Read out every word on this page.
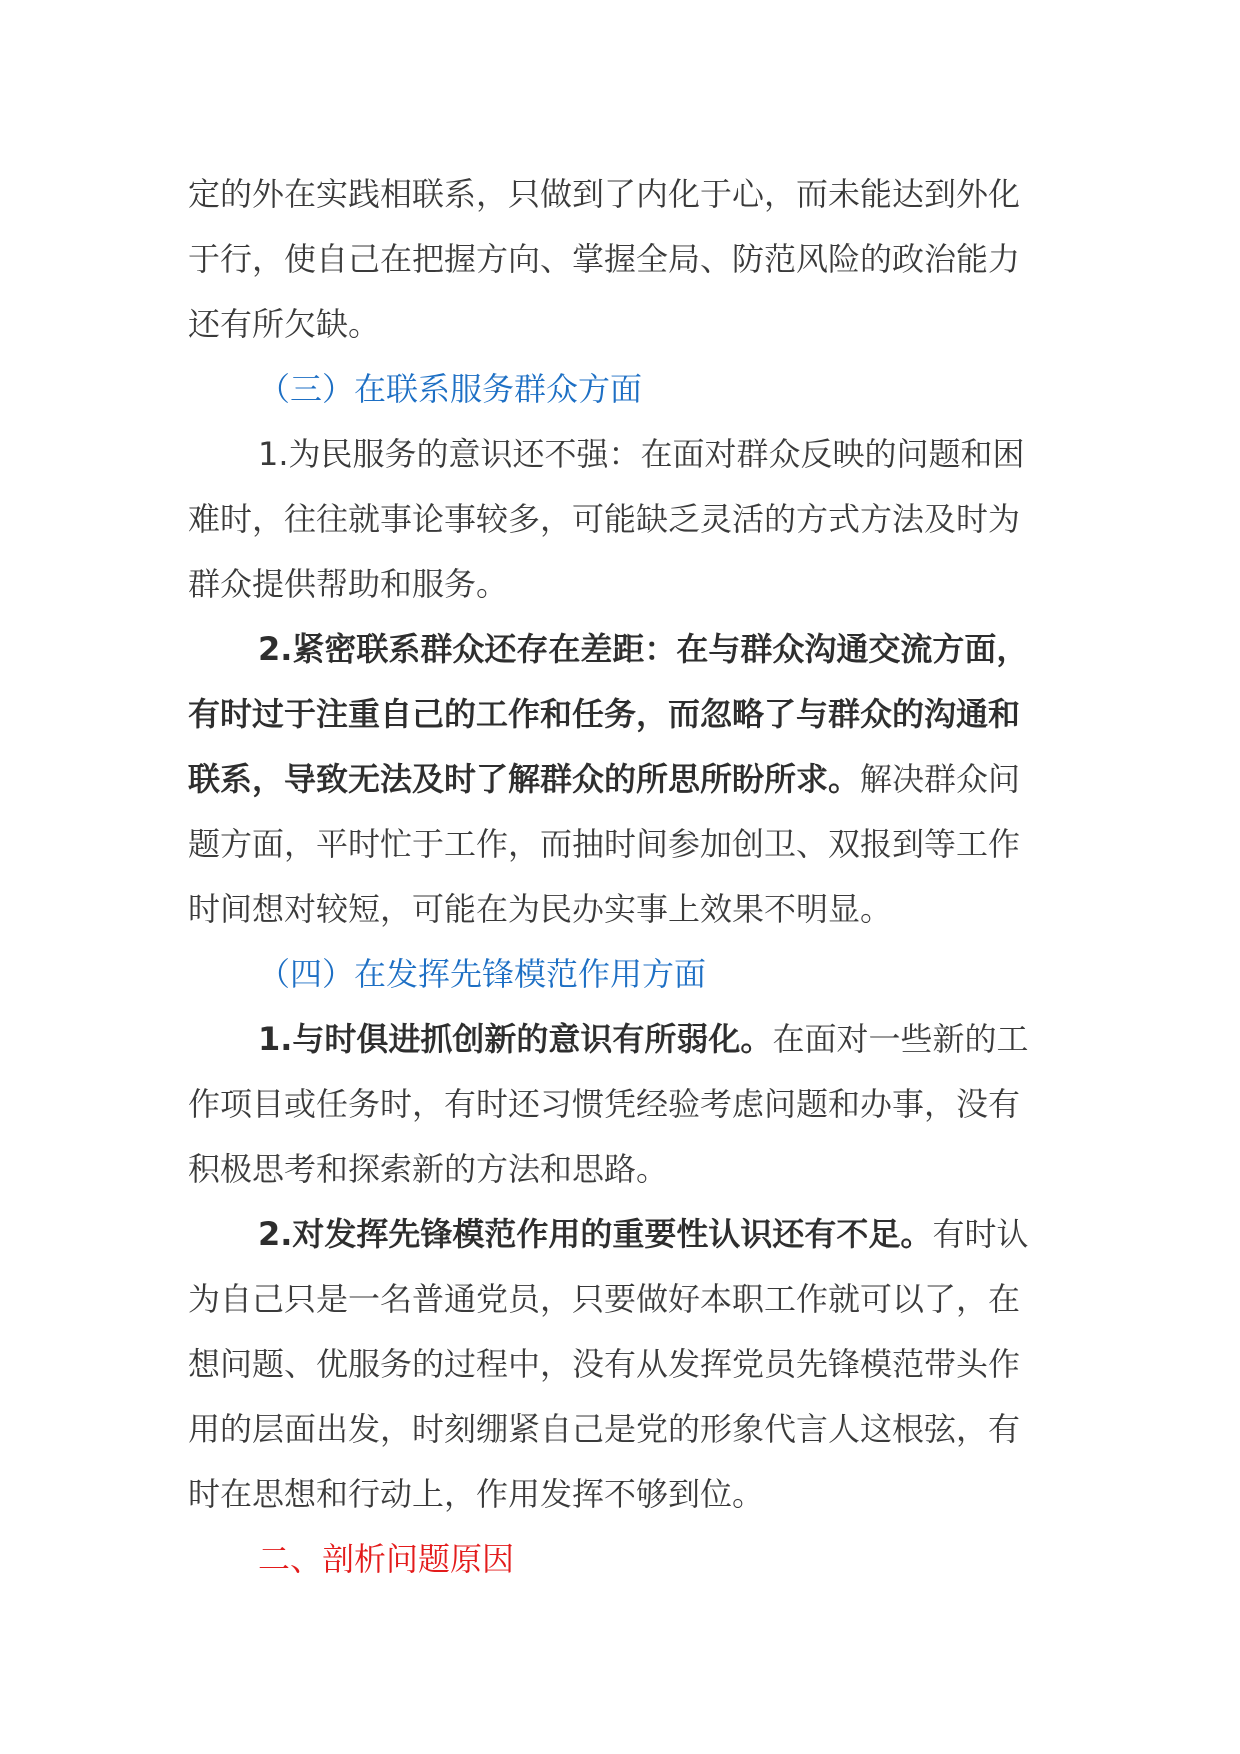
定的外在实践相联系，只做到了内化于心，而未能达到外化于行，使自己在把握方向、掌握全局、防范风险的政治能力还有所欠缺。

（三）在联系服务群众方面

1.为民服务的意识还不强：在面对群众反映的问题和困难时，往往就事论事较多，可能缺乏灵活的方式方法及时为群众提供帮助和服务。

2.紧密联系群众还存在差距：在与群众沟通交流方面，有时过于注重自己的工作和任务，而忽略了与群众的沟通和联系，导致无法及时了解群众的所思所盼所求。解决群众问题方面，平时忙于工作，而抽时间参加创卫、双报到等工作时间想对较短，可能在为民办实事上效果不明显。

（四）在发挥先锋模范作用方面

1.与时俱进抓创新的意识有所弱化。在面对一些新的工作项目或任务时，有时还习惯凭经验考虑问题和办事，没有积极思考和探索新的方法和思路。

2.对发挥先锋模范作用的重要性认识还有不足。有时认为自己只是一名普通党员，只要做好本职工作就可以了，在想问题、优服务的过程中，没有从发挥党员先锋模范带头作用的层面出发，时刻绷紧自己是党的形象代言人这根弦，有时在思想和行动上，作用发挥不够到位。

二、剖析问题原因
